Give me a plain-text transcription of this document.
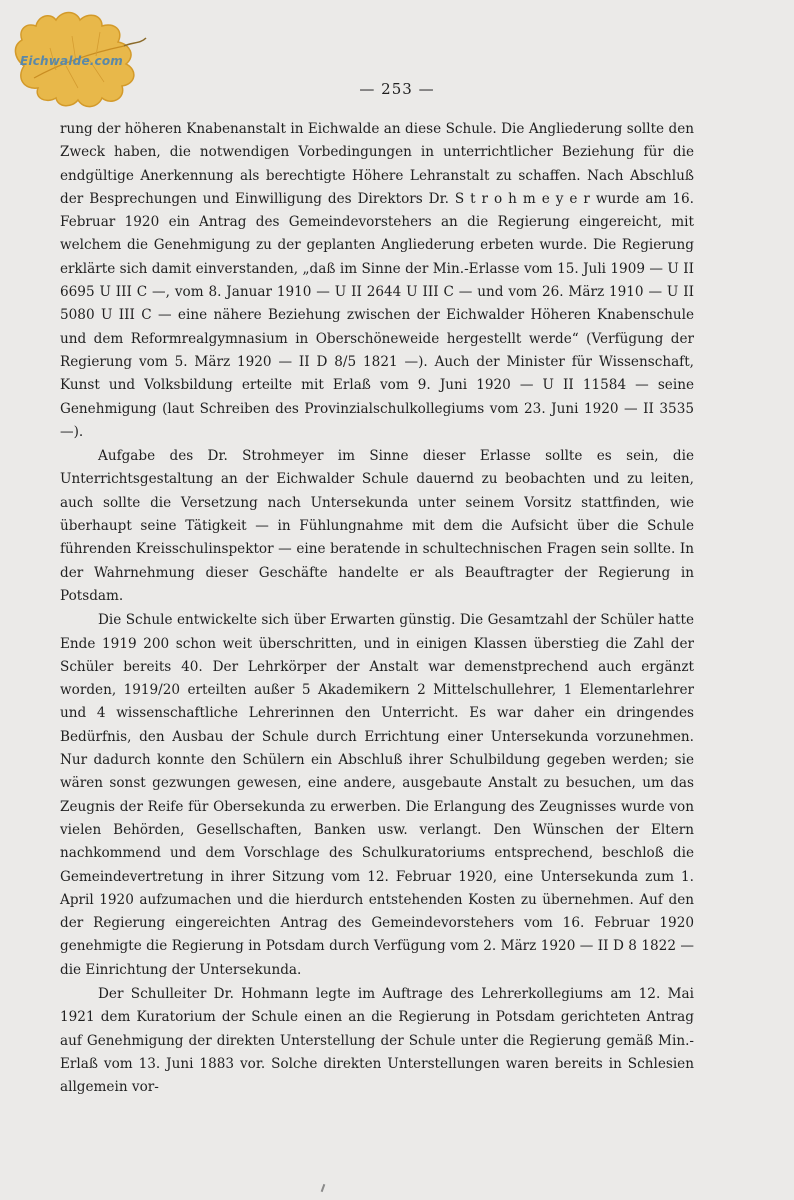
Eichwalde.com
— 253 —

rung der höheren Knabenanstalt in Eichwalde an diese Schule. Die Angliederung sollte den Zweck haben, die notwendigen Vorbedingungen in unterrichtlicher Beziehung für die endgültige Anerkennung als berechtigte Höhere Lehranstalt zu schaffen. Nach Abschluß der Besprechungen und Einwilligung des Direktors Dr. S t r o h m e y e r wurde am 16. Februar 1920 ein Antrag des Gemeindevorstehers an die Regierung eingereicht, mit welchem die Genehmigung zu der geplanten Angliederung erbeten wurde. Die Regierung erklärte sich damit einverstanden, „daß im Sinne der Min.-Erlasse vom 15. Juli 1909 — U II 6695 U III C —, vom 8. Januar 1910 — U II 2644 U III C — und vom 26. März 1910 — U II 5080 U III C — eine nähere Beziehung zwischen der Eichwalder Höheren Knabenschule und dem Reformrealgymnasium in Oberschöneweide hergestellt werde“ (Verfügung der Regierung vom 5. März 1920 — II D 8/5 1821 —). Auch der Minister für Wissenschaft, Kunst und Volksbildung erteilte mit Erlaß vom 9. Juni 1920 — U II 11584 — seine Genehmigung (laut Schreiben des Provinzialschulkollegiums vom 23. Juni 1920 — II 3535 —).

Aufgabe des Dr. Strohmeyer im Sinne dieser Erlasse sollte es sein, die Unterrichtsgestaltung an der Eichwalder Schule dauernd zu beobachten und zu leiten, auch sollte die Versetzung nach Untersekunda unter seinem Vorsitz stattfinden, wie überhaupt seine Tätigkeit — in Fühlungnahme mit dem die Aufsicht über die Schule führenden Kreisschulinspektor — eine beratende in schultechnischen Fragen sein sollte. In der Wahrnehmung dieser Geschäfte handelte er als Beauftragter der Regierung in Potsdam.

Die Schule entwickelte sich über Erwarten günstig. Die Gesamtzahl der Schüler hatte Ende 1919 200 schon weit überschritten, und in einigen Klassen überstieg die Zahl der Schüler bereits 40. Der Lehrkörper der Anstalt war demenstprechend auch ergänzt worden, 1919/20 erteilten außer 5 Akademikern 2 Mittelschullehrer, 1 Elementarlehrer und 4 wissenschaftliche Lehrerinnen den Unterricht. Es war daher ein dringendes Bedürfnis, den Ausbau der Schule durch Errichtung einer Untersekunda vorzunehmen. Nur dadurch konnte den Schülern ein Abschluß ihrer Schulbildung gegeben werden; sie wären sonst gezwungen gewesen, eine andere, ausgebaute Anstalt zu besuchen, um das Zeugnis der Reife für Obersekunda zu erwerben. Die Erlangung des Zeugnisses wurde von vielen Behörden, Gesellschaften, Banken usw. verlangt. Den Wünschen der Eltern nachkommend und dem Vorschlage des Schulkuratoriums entsprechend, beschloß die Gemeindevertretung in ihrer Sitzung vom 12. Februar 1920, eine Untersekunda zum 1. April 1920 aufzumachen und die hierdurch entstehenden Kosten zu übernehmen. Auf den der Regierung eingereichten Antrag des Gemeindevorstehers vom 16. Februar 1920 genehmigte die Regierung in Potsdam durch Verfügung vom 2. März 1920 — II D 8 1822 — die Einrichtung der Untersekunda.

Der Schulleiter Dr. Hohmann legte im Auftrage des Lehrerkollegiums am 12. Mai 1921 dem Kuratorium der Schule einen an die Regierung in Potsdam gerichteten Antrag auf Genehmigung der direkten Unterstellung der Schule unter die Regierung gemäß Min.-Erlaß vom 13. Juni 1883 vor. Solche direkten Unterstellungen waren bereits in Schlesien allgemein vor-
